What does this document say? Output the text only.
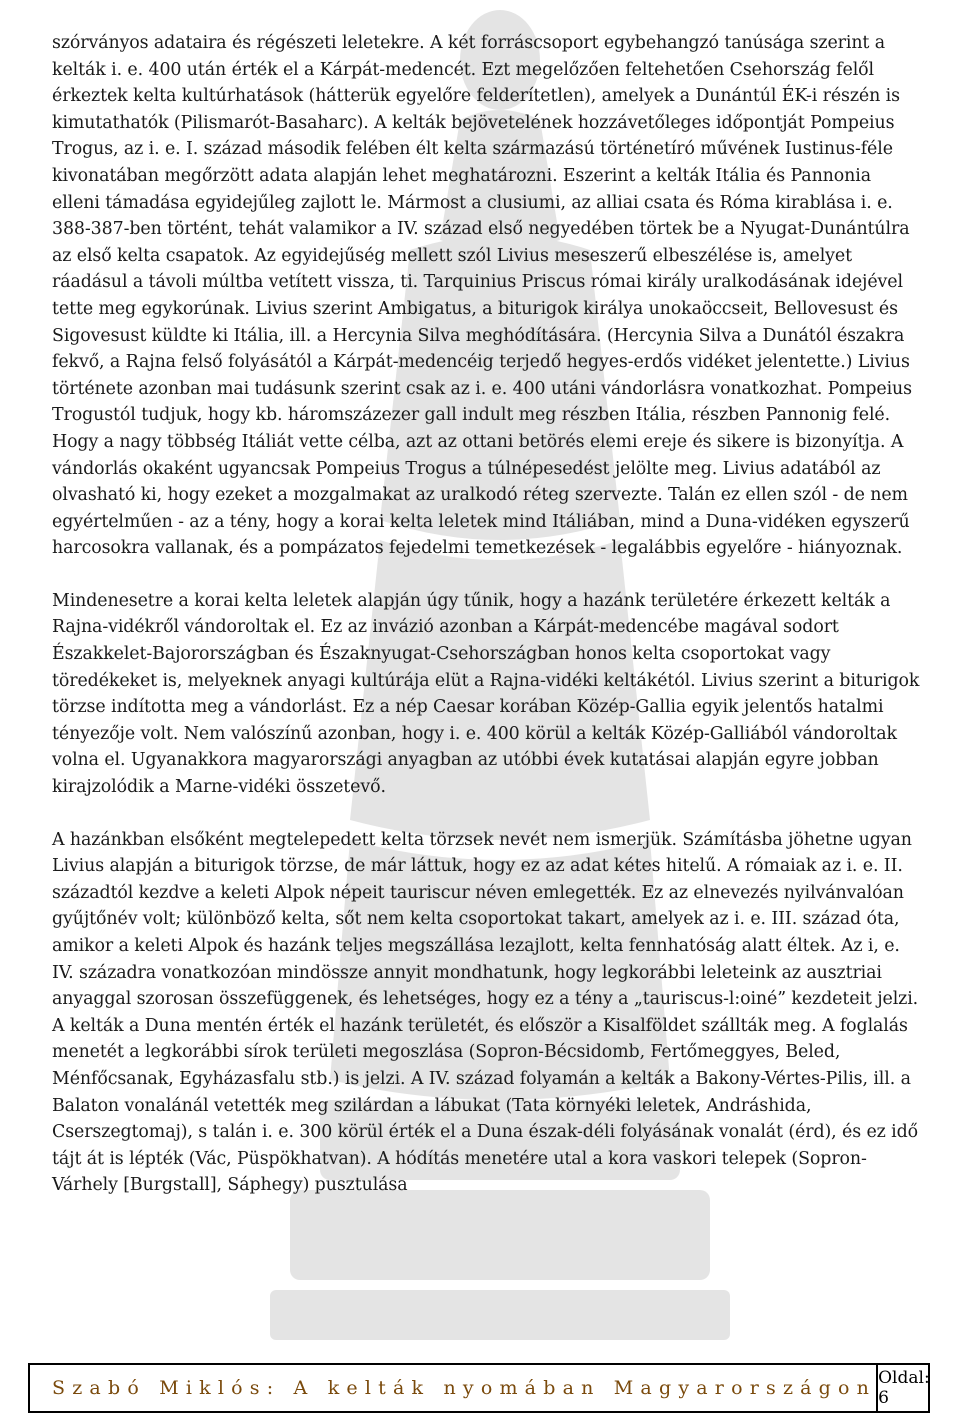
szórványos adataira és régészeti leletekre. A két forráscsoport egybehangzó tanúsága szerint a kelták i. e. 400 után érték el a Kárpát-medencét. Ezt megelőzően feltehetően Csehország felől érkeztek kelta kultúrhatások (hátterük egyelőre felderítetlen), amelyek a Dunántúl ÉK-i részén is kimutathatók (Pilismarót-Basaharc). A kelták bejövetelének hozzávetőleges időpontját Pompeius Trogus, az i. e. I. század második felében élt kelta származású történetíró művének Iustinus-féle kivonatában megőrzött adata alapján lehet meghatározni. Eszerint a kelták Itália és Pannonia elleni támadása egyidejűleg zajlott le. Mármost a clusiumi, az alliai csata és Róma kirablása i. e. 388-387-ben történt, tehát valamikor a IV. század első negyedében törtek be a Nyugat-Dunántúlra az első kelta csapatok. Az egyidejűség mellett szól Livius meseszerű elbeszélése is, amelyet ráadásul a távoli múltba vetített vissza, ti. Tarquinius Priscus római király uralkodásának idejével tette meg egykorúnak. Livius szerint Ambigatus, a biturigok királya unokaöccseit, Bellovesust és Sigovesust küldte ki Itália, ill. a Hercynia Silva meghódítására. (Hercynia Silva a Dunától északra fekvő, a Rajna felső folyásától a Kárpát-medencéig terjedő hegyes-erdős vidéket jelentette.) Livius története azonban mai tudásunk szerint csak az i. e. 400 utáni vándorlásra vonatkozhat. Pompeius Trogustól tudjuk, hogy kb. háromszázezer gall indult meg részben Itália, részben Pannonig felé. Hogy a nagy többség Itáliát vette célba, azt az ottani betörés elemi ereje és sikere is bizonyítja. A vándorlás okaként ugyancsak Pompeius Trogus a túlnépesedést jelölte meg. Livius adatából az olvasható ki, hogy ezeket a mozgalmakat az uralkodó réteg szervezte. Talán ez ellen szól - de nem egyértelműen - az a tény, hogy a korai kelta leletek mind Itáliában, mind a Duna-vidéken egyszerű harcosokra vallanak, és a pompázatos fejedelmi temetkezések - legalábbis egyelőre - hiányoznak.

Mindenesetre a korai kelta leletek alapján úgy tűnik, hogy a hazánk területére érkezett kelták a Rajna-vidékről vándoroltak el. Ez az invázió azonban a Kárpát-medencébe magával sodort Északkelet-Bajorországban és Északnyugat-Csehországban honos kelta csoportokat vagy töredékeket is, melyeknek anyagi kultúrája elüt a Rajna-vidéki keltákétól. Livius szerint a biturigok törzse indította meg a vándorlást. Ez a nép Caesar korában Közép-Gallia egyik jelentős hatalmi tényezője volt. Nem valószínű azonban, hogy i. e. 400 körül a kelták Közép-Galliából vándoroltak volna el. Ugyanakkora magyarországi anyagban az utóbbi évek kutatásai alapján egyre jobban kirajzolódik a Marne-vidéki összetevő.

A hazánkban elsőként megtelepedett kelta törzsek nevét nem ismerjük. Számításba jöhetne ugyan Livius alapján a biturigok törzse, de már láttuk, hogy ez az adat kétes hitelű. A rómaiak az i. e. II. századtól kezdve a keleti Alpok népeit tauriscur néven emlegették. Ez az elnevezés nyilvánvalóan gyűjtőnév volt; különböző kelta, sőt nem kelta csoportokat takart, amelyek az i. e. III. század óta, amikor a keleti Alpok és hazánk teljes megszállása lezajlott, kelta fennhatóság alatt éltek. Az i, e. IV. századra vonatkozóan mindössze annyit mondhatunk, hogy legkorábbi leleteink az ausztriai anyaggal szorosan összefüggenek, és lehetséges, hogy ez a tény a „tauriscus-l:oiné” kezdeteit jelzi. A kelták a Duna mentén érték el hazánk területét, és először a Kisalföldet szállták meg. A foglalás menetét a legkorábbi sírok területi megoszlása (Sopron-Bécsidomb, Fertőmeggyes, Beled, Ménfőcsanak, Egyházasfalu stb.) is jelzi. A IV. század folyamán a kelták a Bakony-Vértes-Pilis, ill. a Balaton vonalánál vetették meg szilárdan a lábukat (Tata környéki leletek, Andráshida, Cserszegtomaj), s talán i. e. 300 körül érték el a Duna észak-déli folyásának vonalát (érd), és ez idő tájt át is lépték (Vác, Püspökhatvan). A hódítás menetére utal a kora vaskori telepek (Sopron-Várhely [Burgstall], Sáphegy) pusztulása

Szabó Miklós: A kelták nyomában Magyarországon Oldal: 6
